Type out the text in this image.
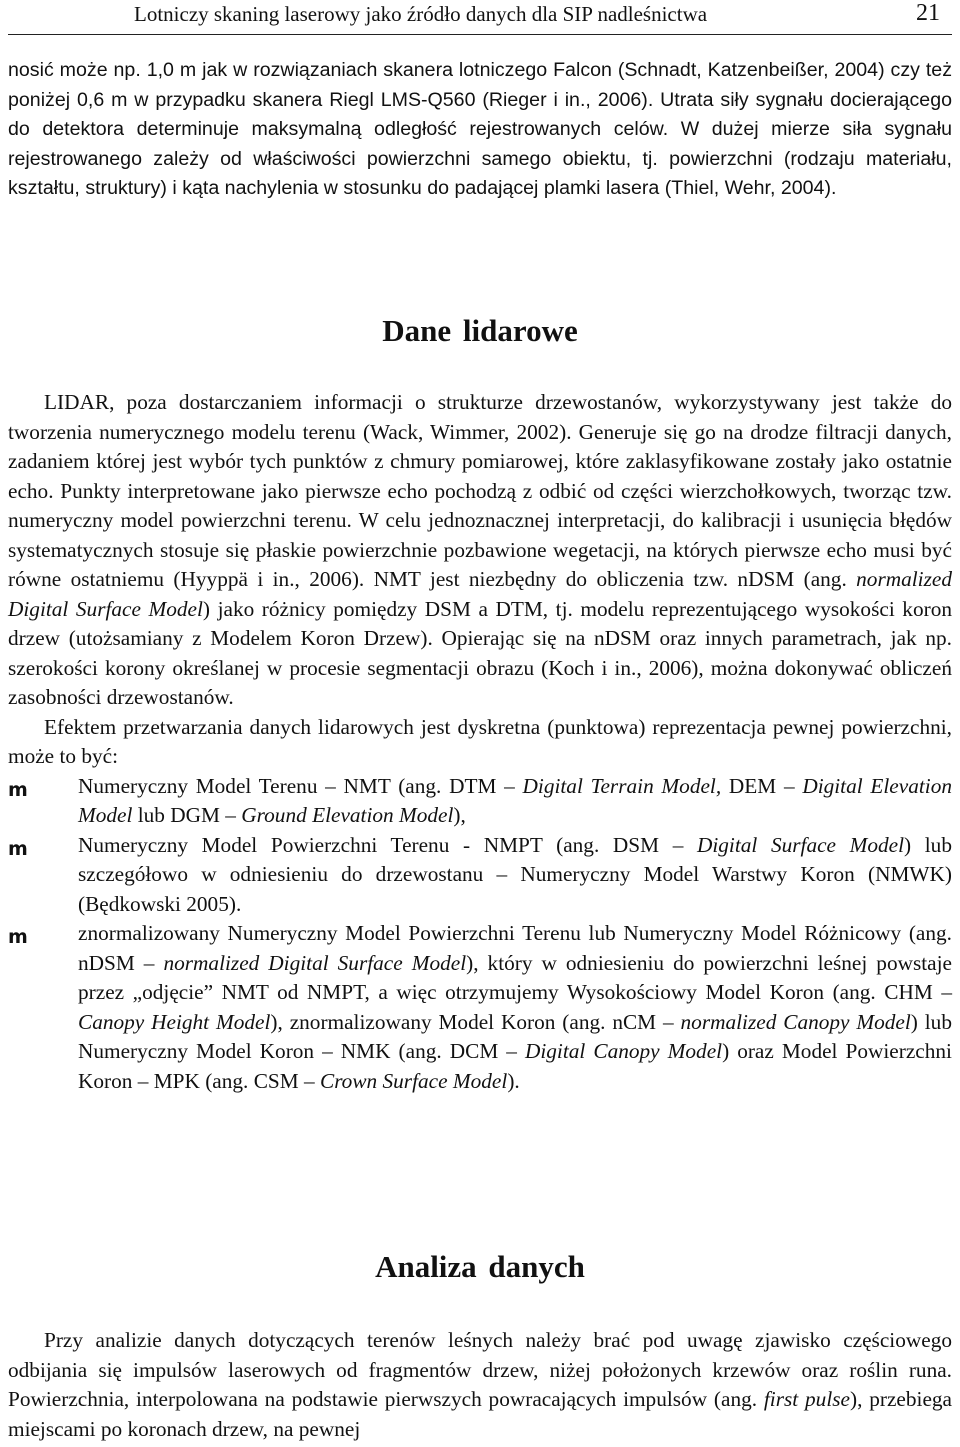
Lotniczy skaning laserowy jako źródło danych dla SIP nadleśnictwa	21

nosić może np. 1,0 m jak w rozwiązaniach skanera lotniczego Falcon (Schnadt, Katzenbeißer, 2004) czy też poniżej 0,6 m w przypadku skanera Riegl LMS-Q560 (Rieger i in., 2006). Utrata siły sygnału docierającego do detektora determinuje maksymalną odległość rejestrowanych celów. W dużej mierze siła sygnału rejestrowanego zależy od właściwości powierzchni samego obiektu, tj. powierzchni (rodzaju materiału, kształtu, struktury) i kąta nachylenia w stosunku do padającej plamki lasera (Thiel, Wehr, 2004).

Dane lidarowe

LIDAR, poza dostarczaniem informacji o strukturze drzewostanów, wykorzystywany jest także do tworzenia numerycznego modelu terenu (Wack, Wimmer, 2002). Generuje się go na drodze filtracji danych, zadaniem której jest wybór tych punktów z chmury pomiarowej, które zaklasyfikowane zostały jako ostatnie echo. Punkty interpretowane jako pierwsze echo pochodzą z odbić od części wierzchołkowych, tworząc tzw. numeryczny model powierzchni terenu. W celu jednoznacznej interpretacji, do kalibracji i usunięcia błędów systematycznych stosuje się płaskie powierzchnie pozbawione wegetacji, na których pierwsze echo musi być równe ostatniemu (Hyyppä i in., 2006). NMT jest niezbędny do obliczenia tzw. nDSM (ang. normalized Digital Surface Model) jako różnicy pomiędzy DSM a DTM, tj. modelu reprezentującego wysokości koron drzew (utożsamiany z Modelem Koron Drzew). Opierając się na nDSM oraz innych parametrach, jak np. szerokości korony określanej w procesie segmentacji obrazu (Koch i in., 2006), można dokonywać obliczeń zasobności drzewostanów.

Efektem przetwarzania danych lidarowych jest dyskretna (punktowa) reprezentacja pewnej powierzchni, może to być:

m Numeryczny Model Terenu – NMT (ang. DTM – Digital Terrain Model, DEM – Digital Elevation Model lub DGM – Ground Elevation Model),
m Numeryczny Model Powierzchni Terenu - NMPT (ang. DSM – Digital Surface Model) lub szczegółowo w odniesieniu do drzewostanu – Numeryczny Model Warstwy Koron (NMWK) (Będkowski 2005).
m znormalizowany Numeryczny Model Powierzchni Terenu lub Numeryczny Model Różnicowy (ang. nDSM – normalized Digital Surface Model), który w odniesieniu do powierzchni leśnej powstaje przez „odjęcie” NMT od NMPT, a więc otrzymujemy Wysokościowy Model Koron (ang. CHM – Canopy Height Model), znormalizowany Model Koron (ang. nCM – normalized Canopy Model) lub Numeryczny Model Koron – NMK (ang. DCM – Digital Canopy Model) oraz Model Powierzchni Koron – MPK (ang. CSM – Crown Surface Model).
Analiza danych

Przy analizie danych dotyczących terenów leśnych należy brać pod uwagę zjawisko częściowego odbijania się impulsów laserowych od fragmentów drzew, niżej położonych krzewów oraz roślin runa. Powierzchnia, interpolowana na podstawie pierwszych powracających impulsów (ang. first pulse), przebiega miejscami po koronach drzew, na pewnej
